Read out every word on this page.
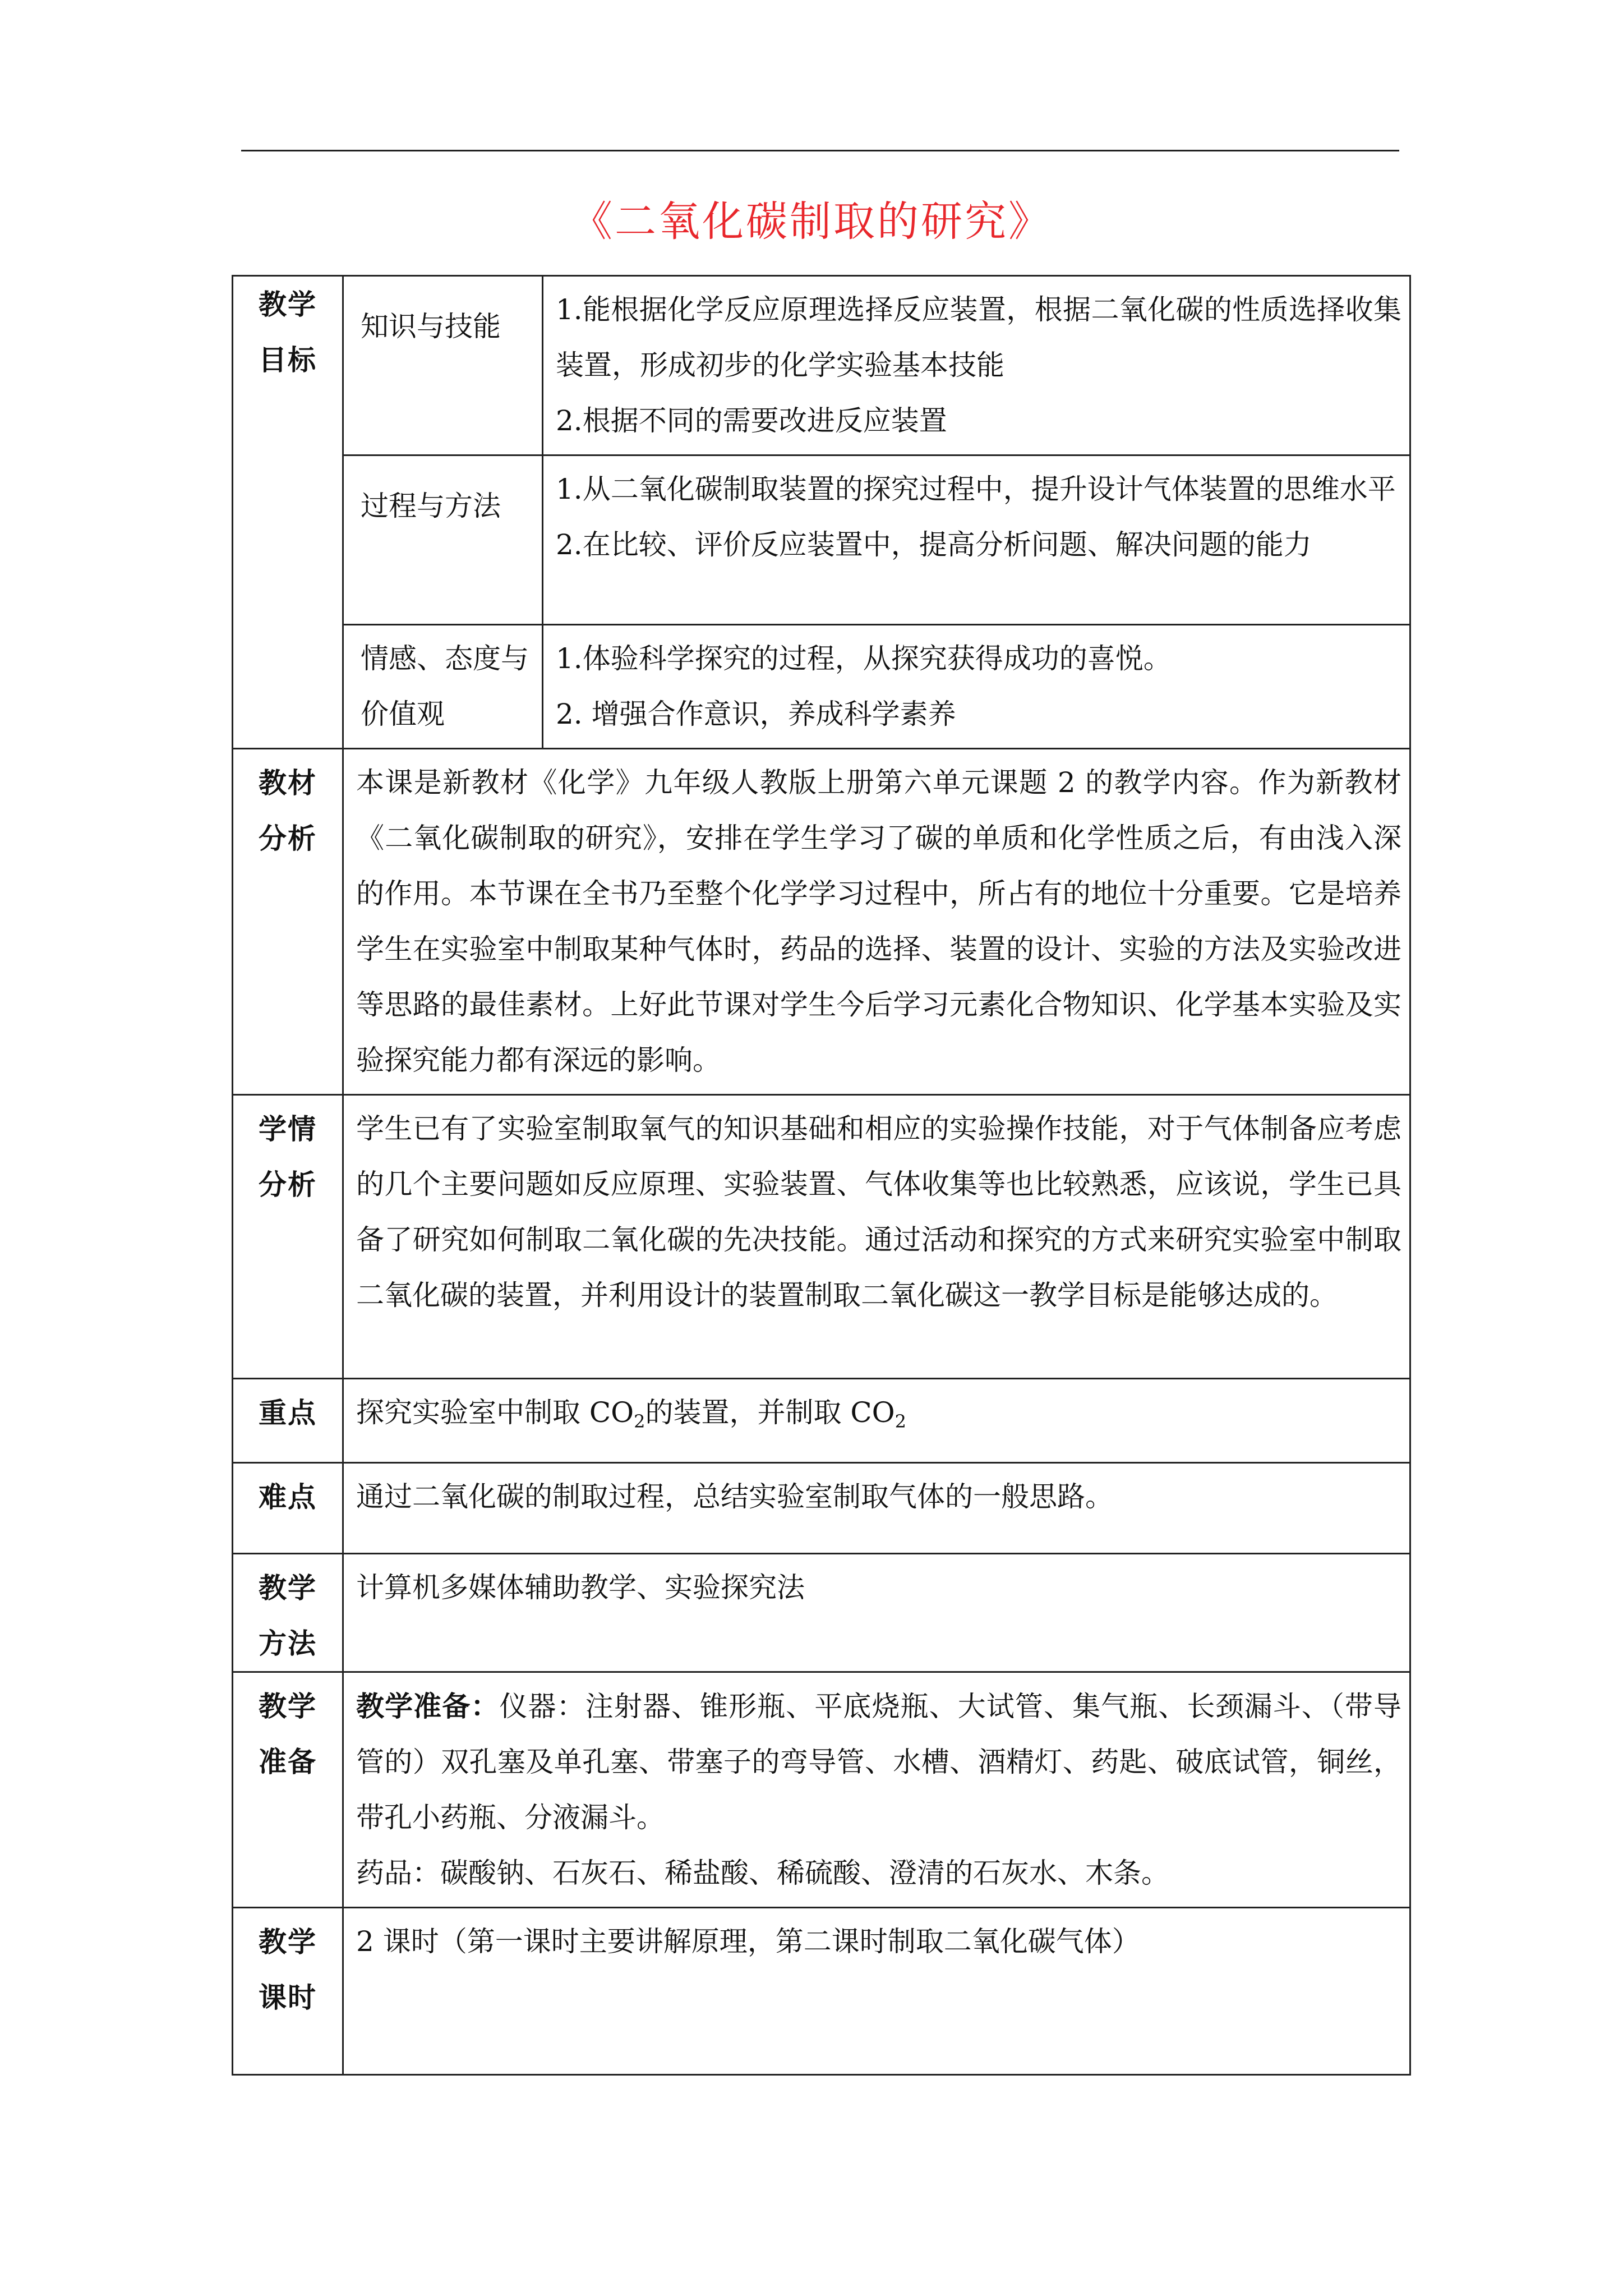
《二氧化碳制取的研究》
教学
目标	知识与技能	1.能根据化学反应原理选择反应装置，根据二氧化碳的性质选择收集装置，形成初步的化学实验基本技能
2.根据不同的需要改进反应装置

	过程与方法	1.从二氧化碳制取装置的探究过程中，提升设计气体装置的思维水平
2.在比较、评价反应装置中，提高分析问题、解决问题的能力

	情感、态度与
价值观	1.体验科学探究的过程，从探究获得成功的喜悦。
2. 增强合作意识，养成科学素养

教材
分析	本课是新教材《化学》九年级人教版上册第六单元课题 2 的教学内容。作为新教材《二氧化碳制取的研究》，安排在学生学习了碳的单质和化学性质之后，有由浅入深的作用。本节课在全书乃至整个化学学习过程中，所占有的地位十分重要。它是培养学生在实验室中制取某种气体时，药品的选择、装置的设计、实验的方法及实验改进等思路的最佳素材。上好此节课对学生今后学习元素化合物知识、化学基本实验及实验探究能力都有深远的影响。	

学情
分析	学生已有了实验室制取氧气的知识基础和相应的实验操作技能，对于气体制备应考虑的几个主要问题如反应原理、实验装置、气体收集等也比较熟悉，应该说，学生已具备了研究如何制取二氧化碳的先决技能。通过活动和探究的方式来研究实验室中制取二氧化碳的装置，并利用设计的装置制取二氧化碳这一教学目标是能够达成的。	

重点	探究实验室中制取 $CO_2$的装置，并制取 $CO_2$

难点	通过二氧化碳的制取过程，总结实验室制取气体的一般思路。	

教学
方法	计算机多媒体辅助教学、实验探究法	

教学
准备	教学准备：仪器：注射器、锥形瓶、平底烧瓶、大试管、集气瓶、长颈漏斗、（带导管的）双孔塞及单孔塞、带塞子的弯导管、水槽、酒精灯、药匙、破底试管，铜丝，带孔小药瓶、分液漏斗。
药品：碳酸钠、石灰石、稀盐酸、稀硫酸、澄清的石灰水、木条。	

教学
课时	2 课时（第一课时主要讲解原理，第二课时制取二氧化碳气体）	
